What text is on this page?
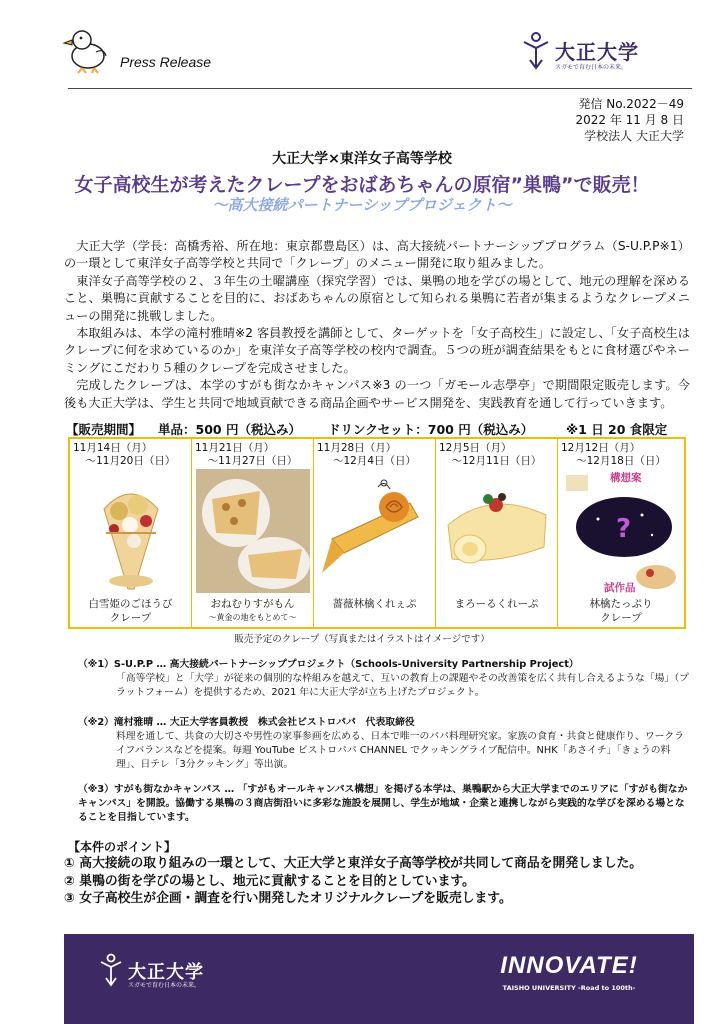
Press Release	大正大学
スガモで育む日本の未来。
発信 No.2022－49
2022 年 11 月 8 日
学校法人 大正大学
大正大学×東洋女子高等学校
女子高校生が考えたクレープをおばあちゃんの原宿”巣鴨”で販売！
～高大接続パートナーシッププロジェクト～

大正大学（学長：高橋秀裕、所在地：東京都豊島区）は、高大接続パートナーシッププログラム（S-U.P.P※1）の一環として東洋女子高等学校と共同で「クレープ」のメニュー開発に取り組みました。

東洋女子高等学校の２、３年生の土曜講座（探究学習）では、巣鴨の地を学びの場として、地元の理解を深めること、巣鴨に貢献することを目的に、おばあちゃんの原宿として知られる巣鴨に若者が集まるようなクレープメニューの開発に挑戦しました。

本取組みは、本学の滝村雅晴※2 客員教授を講師として、ターゲットを「女子高校生」に設定し、「女子高校生はクレープに何を求めているのか」を東洋女子高等学校の校内で調査。５つの班が調査結果をもとに食材選びやネーミングにこだわり５種のクレープを完成させました。

完成したクレープは、本学のすがも街なかキャンパス※3 の一つ「ガモール志學亭」で期間限定販売します。今後も大正大学は、学生と共同で地域貢献できる商品企画やサービス開発を、実践教育を通して行っていきます。

【販売期間】 単品：500 円（税込み） ドリンクセット：700 円（税込み）	※1 日 20 食限定
11月14日（月）
～11月20日（日）
白雪姫のごほうび
クレープ
11月21日（月）
～11月27日（日）
おねむりすがもん
～黄金の地をもとめて～
11月28日（月）
～12月4日（日）
薔薇林檎くれぇぷ
12月5日（月）
～12月11日（日）
まろーるくれーぷ
12月12日（月）
～12月18日（日）
?
構想案
試作品
林檎たっぷり
クレープ
販売予定のクレープ（写真またはイラストはイメージです）
（※1）S-U.P.P … 高大接続パートナーシッププロジェクト（Schools-University Partnership Project）
「高等学校」と「大学」が従来の個別的な枠組みを越えて、互いの教育上の課題やその改善策を広く共有し合えるような「場」（プラットフォーム）を提供するため、2021 年に大正大学が立ち上げたプロジェクト。
（※2）滝村雅晴 … 大正大学客員教授　株式会社ビストロパパ　代表取締役
料理を通して、共食の大切さや男性の家事参画を広める、日本で唯一のパパ料理研究家。家族の食育・共食と健康作り、ワークライフバランスなどを提案。毎週 YouTube ビストロパパ CHANNEL でクッキングライブ配信中。NHK「あさイチ」「きょうの料理」、日テレ「3分クッキング」等出演。
（※3）すがも街なかキャンパス … 「すがもオールキャンパス構想」を掲げる本学は、巣鴨駅から大正大学までのエリアに「すがも街なかキャンパス」を開設。協働する巣鴨の３商店街沿いに多彩な施設を展開し、学生が地域・企業と連携しながら実践的な学びを深める場となることを目指しています。
【本件のポイント】
① 高大接続の取り組みの一環として、大正大学と東洋女子高等学校が共同して商品を開発しました。
② 巣鴨の街を学びの場とし、地元に貢献することを目的としています。
③ 女子高校生が企画・調査を行い開発したオリジナルクレープを販売します。
大正大学
スガモで育む日本の未来。
INNOVATE!
TAISHO UNIVERSITY -Road to 100th-
